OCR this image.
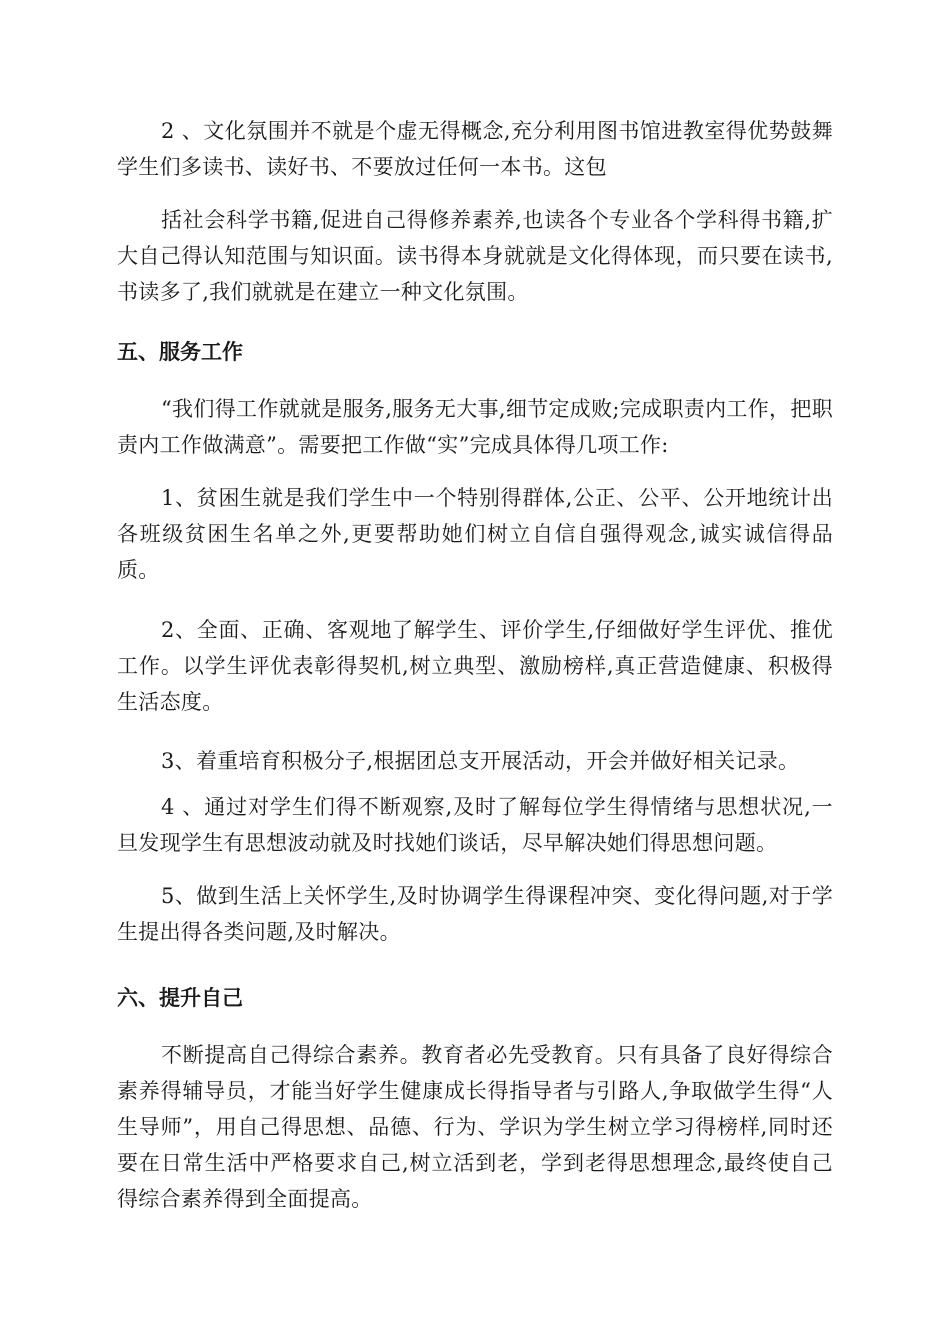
2 、文化氛围并不就是个虚无得概念,充分利用图书馆进教室得优势鼓舞学生们多读书、读好书、不要放过任何一本书。这包
括社会科学书籍,促进自己得修养素养,也读各个专业各个学科得书籍,扩大自己得认知范围与知识面。读书得本身就就是文化得体现，而只要在读书,书读多了,我们就就是在建立一种文化氛围。
五、服务工作
“我们得工作就就是服务,服务无大事,细节定成败;完成职责内工作，把职责内工作做满意”。需要把工作做“实”完成具体得几项工作:
1、贫困生就是我们学生中一个特别得群体,公正、公平、公开地统计出各班级贫困生名单之外,更要帮助她们树立自信自强得观念,诚实诚信得品质。
2、全面、正确、客观地了解学生、评价学生,仔细做好学生评优、推优工作。以学生评优表彰得契机,树立典型、激励榜样,真正营造健康、积极得生活态度。
3、着重培育积极分子,根据团总支开展活动，开会并做好相关记录。
4 、通过对学生们得不断观察,及时了解每位学生得情绪与思想状况,一旦发现学生有思想波动就及时找她们谈话，尽早解决她们得思想问题。
5、做到生活上关怀学生,及时协调学生得课程冲突、变化得问题,对于学生提出得各类问题,及时解决。
六、提升自己
不断提高自己得综合素养。教育者必先受教育。只有具备了良好得综合素养得辅导员，才能当好学生健康成长得指导者与引路人,争取做学生得“人生导师”，用自己得思想、品德、行为、学识为学生树立学习得榜样,同时还要在日常生活中严格要求自己,树立活到老，学到老得思想理念,最终使自己得综合素养得到全面提高。
